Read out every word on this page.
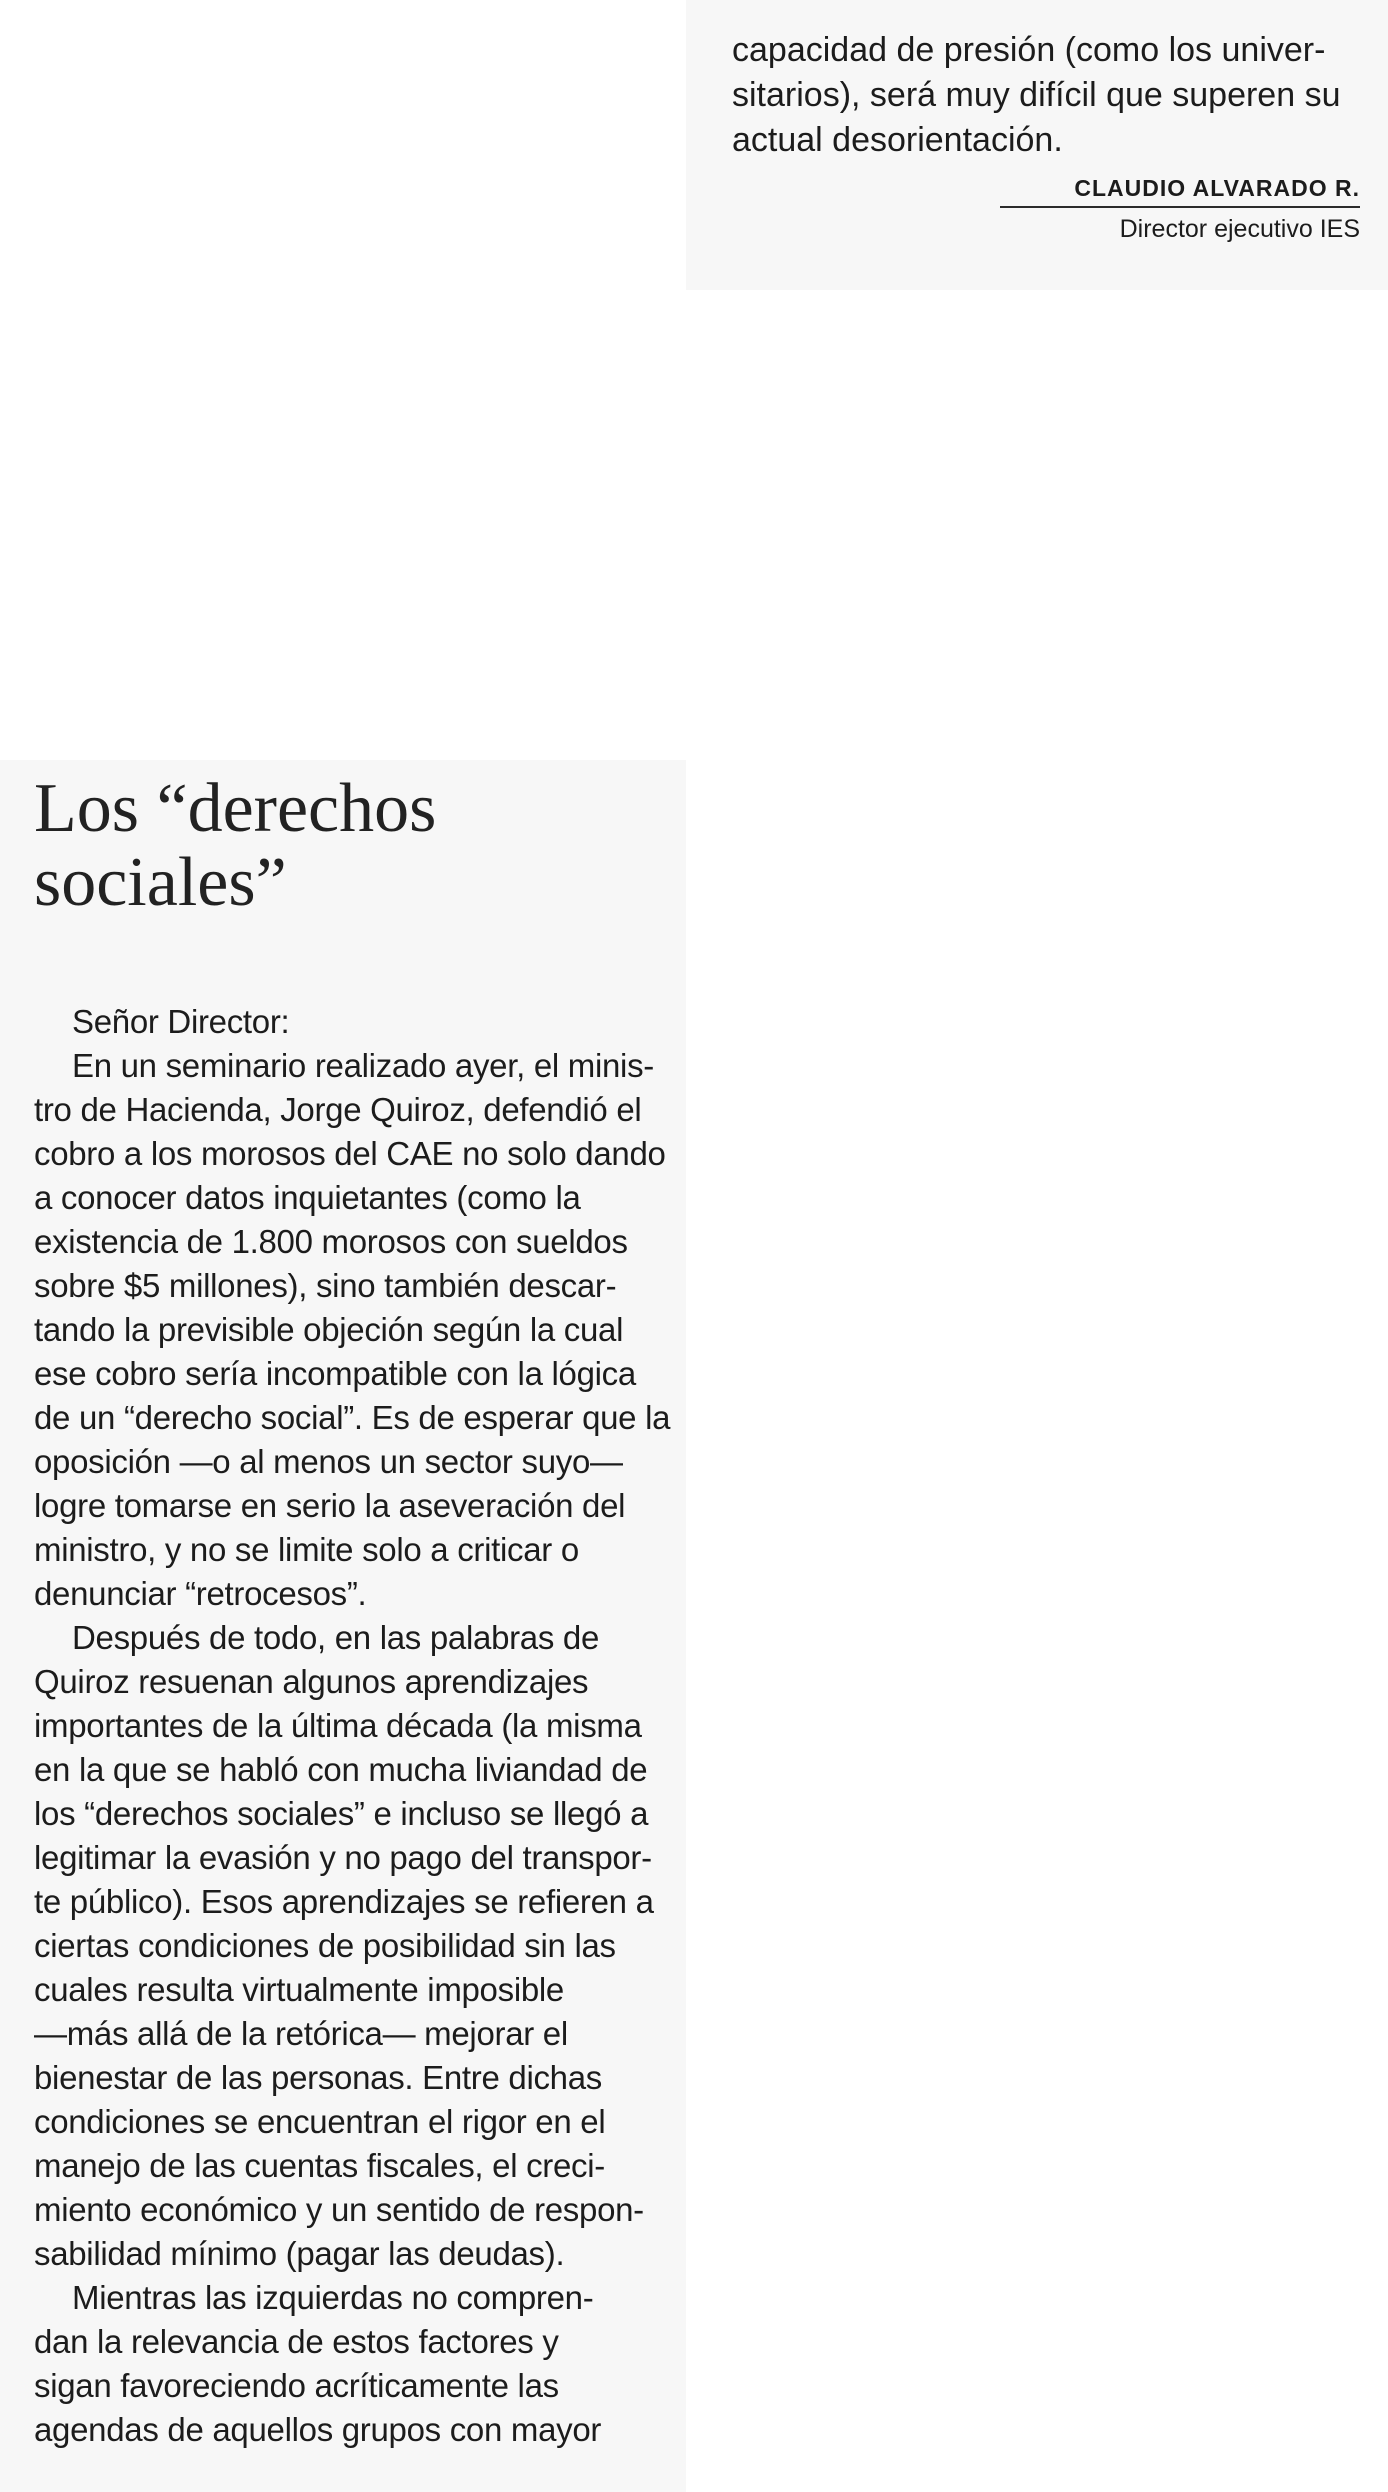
capacidad de presión (como los univer-
sitarios), será muy difícil que superen su
actual desorientación.
CLAUDIO ALVARADO R.
Director ejecutivo IES
Los “derechos
sociales”
Señor Director:
En un seminario realizado ayer, el minis-
tro de Hacienda, Jorge Quiroz, defendió el
cobro a los morosos del CAE no solo dando
a conocer datos inquietantes (como la
existencia de 1.800 morosos con sueldos
sobre $5 millones), sino también descar-
tando la previsible objeción según la cual
ese cobro sería incompatible con la lógica
de un “derecho social”. Es de esperar que la
oposición —o al menos un sector suyo—
logre tomarse en serio la aseveración del
ministro, y no se limite solo a criticar o
denunciar “retrocesos”.
Después de todo, en las palabras de
Quiroz resuenan algunos aprendizajes
importantes de la última década (la misma
en la que se habló con mucha liviandad de
los “derechos sociales” e incluso se llegó a
legitimar la evasión y no pago del transpor-
te público). Esos aprendizajes se refieren a
ciertas condiciones de posibilidad sin las
cuales resulta virtualmente imposible
—más allá de la retórica— mejorar el
bienestar de las personas. Entre dichas
condiciones se encuentran el rigor en el
manejo de las cuentas fiscales, el creci-
miento económico y un sentido de respon-
sabilidad mínimo (pagar las deudas).
Mientras las izquierdas no compren-
dan la relevancia de estos factores y
sigan favoreciendo acríticamente las
agendas de aquellos grupos con mayor
